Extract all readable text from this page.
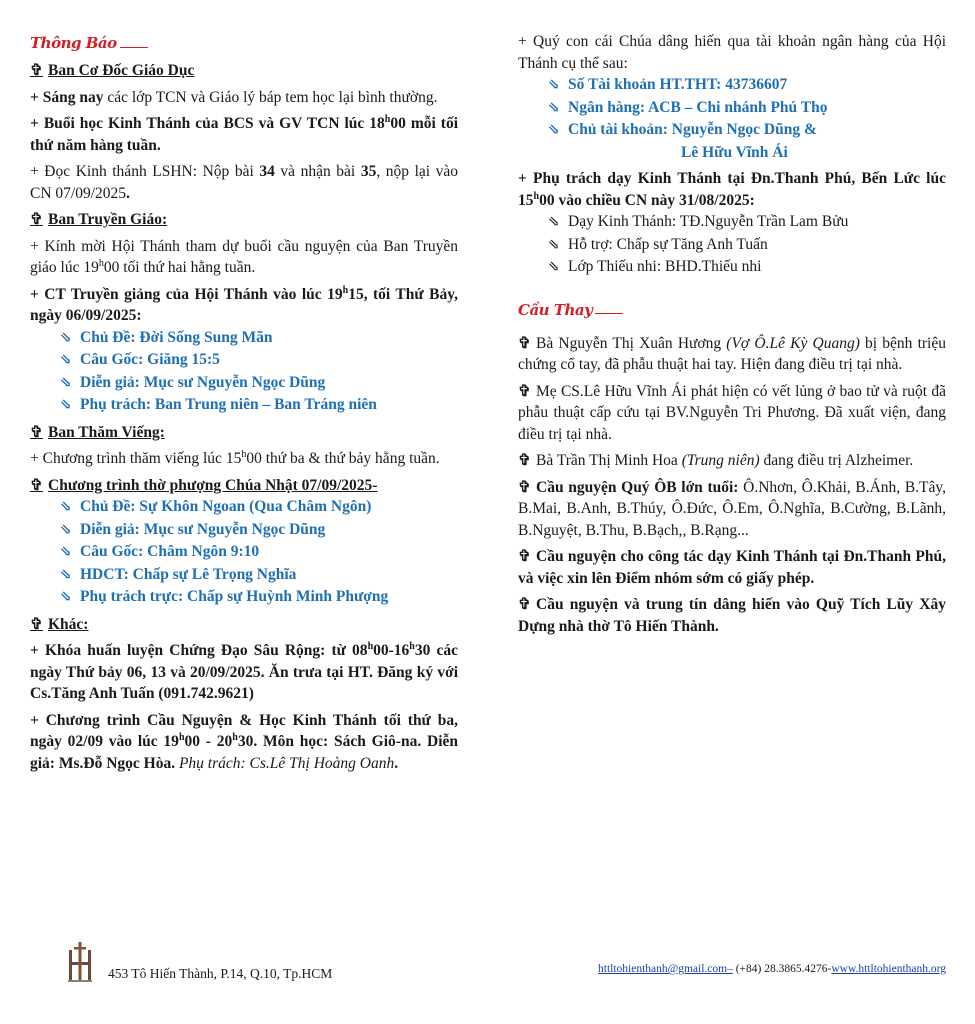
Thông Báo

✞ Ban Cơ Đốc Giáo Dục

+ Sáng nay các lớp TCN và Giáo lý báp tem học lại bình thường.

+ Buổi học Kinh Thánh của BCS và GV TCN lúc 18$^h$00 mỗi tối thứ năm hàng tuần.

+ Đọc Kinh thánh LSHN: Nộp bài 34 và nhận bài 35, nộp lại vào CN 07/09/2025.

✞ Ban Truyền Giáo:

+ Kính mời Hội Thánh tham dự buổi cầu nguyện của Ban Truyền giáo lúc 19$^h$00 tối thứ hai hằng tuần.

+ CT Truyền giảng của Hội Thánh vào lúc 19$^h$15, tối Thứ Bảy, ngày 06/09/2025:

⇘ Chủ Đề: Đời Sống Sung Mãn
⇘ Câu Gốc: Giăng 15:5
⇘ Diễn giả: Mục sư Nguyễn Ngọc Dũng
⇘ Phụ trách: Ban Trung niên – Ban Tráng niên

✞ Ban Thăm Viếng:

+ Chương trình thăm viếng lúc 15$^h$00 thứ ba & thứ bảy hằng tuần.

✞ Chương trình thờ phượng Chúa Nhật 07/09/2025-

⇘ Chủ Đề: Sự Khôn Ngoan (Qua Châm Ngôn)
⇘ Diễn giả: Mục sư Nguyễn Ngọc Dũng
⇘ Câu Gốc: Châm Ngôn 9:10
⇘ HDCT: Chấp sự Lê Trọng Nghĩa
⇘ Phụ trách trực: Chấp sự Huỳnh Minh Phượng

✞ Khác:

+ Khóa huấn luyện Chứng Đạo Sâu Rộng: từ 08$^h$00-16$^h$30 các ngày Thứ bảy 06, 13 và 20/09/2025. Ăn trưa tại HT. Đăng ký với Cs.Tăng Anh Tuấn (091.742.9621)

+ Chương trình Cầu Nguyện & Học Kinh Thánh tối thứ ba, ngày 02/09 vào lúc 19$^h$00 - 20$^h$30. Môn học: Sách Giô-na. Diễn giả: Ms.Đỗ Ngọc Hòa. Phụ trách: Cs.Lê Thị Hoàng Oanh.

+ Quý con cái Chúa dâng hiến qua tài khoản ngân hàng của Hội Thánh cụ thể sau:

⇘ Số Tài khoản HT.THT: 43736607
⇘ Ngân hàng: ACB – Chi nhánh Phú Thọ
⇘ Chủ tài khoản: Nguyễn Ngọc Dũng &
Lê Hữu Vĩnh Ái

+ Phụ trách dạy Kinh Thánh tại Đn.Thanh Phú, Bến Lức lúc 15$^h$00 vào chiều CN này 31/08/2025:

⇘ Dạy Kinh Thánh: TĐ.Nguyễn Trần Lam Bửu
⇘ Hỗ trợ: Chấp sự Tăng Anh Tuấn
⇘ Lớp Thiếu nhi: BHD.Thiếu nhi
Cầu Thay

✞ Bà Nguyễn Thị Xuân Hương (Vợ Ô.Lê Kỳ Quang) bị bệnh triệu chứng cổ tay, đã phẫu thuật hai tay. Hiện đang điều trị tại nhà.

✞ Mẹ CS.Lê Hữu Vĩnh Ái phát hiện có vết lủng ở bao tử và ruột đã phẫu thuật cấp cứu tại BV.Nguyễn Tri Phương. Đã xuất viện, đang điều trị tại nhà.

✞ Bà Trần Thị Minh Hoa (Trung niên) đang điều trị Alzheimer.

✞ Cầu nguyện Quý ÔB lớn tuổi: Ô.Nhơn, Ô.Khải, B.Ánh, B.Tây, B.Mai, B.Anh, B.Thúy, Ô.Đức, Ô.Em, Ô.Nghĩa, B.Cường, B.Lãnh, B.Nguyệt, B.Thu, B.Bạch,, B.Rạng...

✞ Cầu nguyện cho công tác dạy Kinh Thánh tại Đn.Thanh Phú, và việc xin lên Điểm nhóm sớm có giấy phép.

✞ Cầu nguyện và trung tín dâng hiến vào Quỹ Tích Lũy Xây Dựng nhà thờ Tô Hiến Thành.

453 Tô Hiến Thành, P.14, Q.10, Tp.HCM	httltohienthanh@gmail.com– (+84) 28.3865.4276-www.httltohienthanh.org
